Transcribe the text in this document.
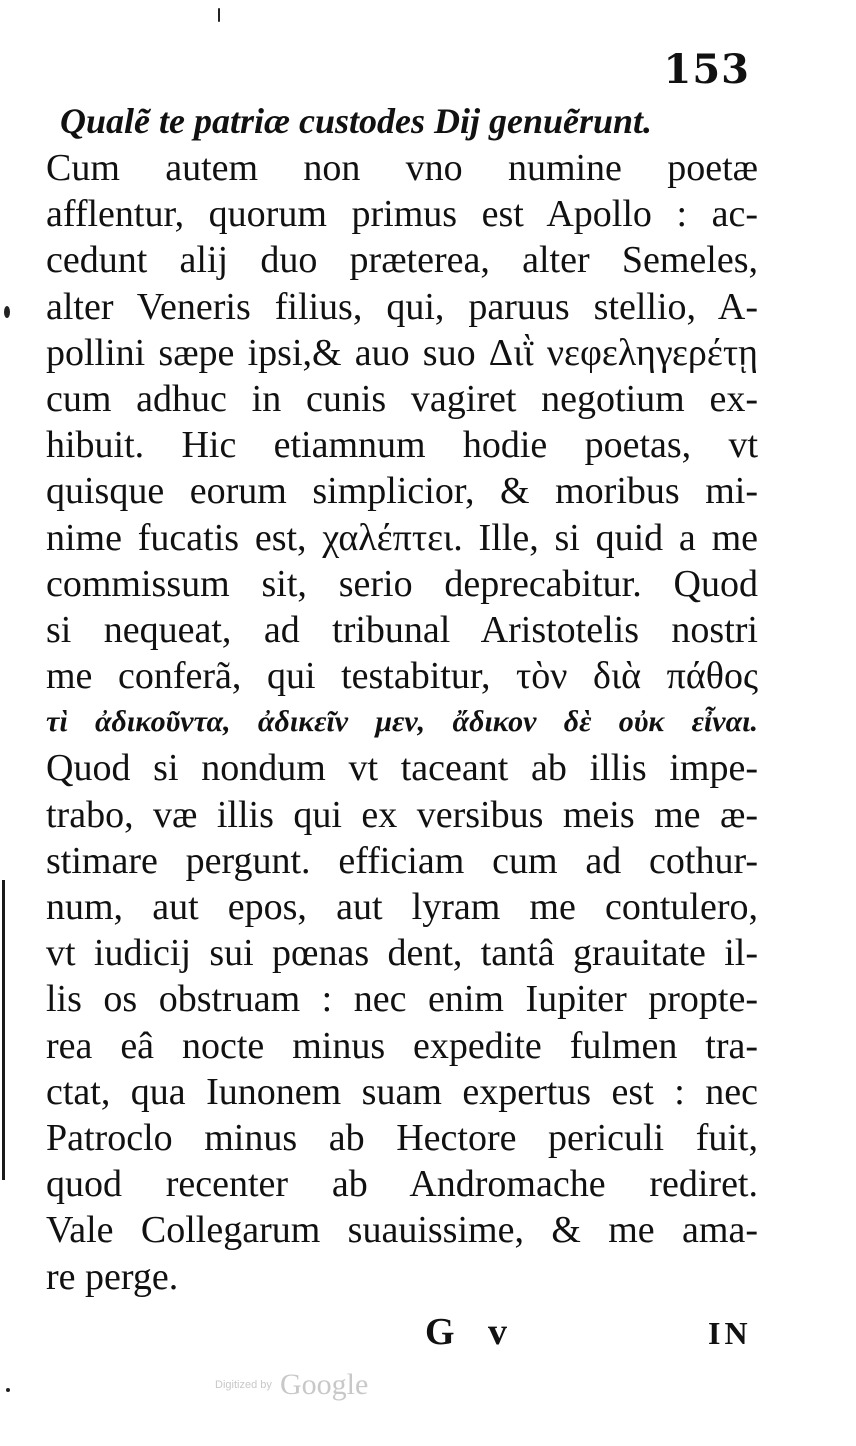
153
Qualẽ te patriæ custodes Dij genuẽrunt.
Cum autem non vno numine poetæ
afflentur, quorum primus est Apollo : ac-
cedunt alij duo præterea, alter Semeles,
alter Veneris filius, qui, paruus stellio, A-
pollini sæpe ipsi,& auo suo Διῒ νεφεληγερέτῃ
cum adhuc in cunis vagiret negotium ex-
hibuit. Hic etiamnum hodie poetas, vt
quisque eorum simplicior, & moribus mi-
nime fucatis est, χαλέπτει. Ille, si quid a me
commissum sit, serio deprecabitur. Quod
si nequeat, ad tribunal Aristotelis nostri
me conferã, qui testabitur, τὸν διὰ πάθος
τὶ ἀδικοῦντα, ἀδικεῖν μεν, ἄδικον δὲ οὐκ εἶναι.
Quod si nondum vt taceant ab illis impe-
trabo, væ illis qui ex versibus meis me æ-
stimare pergunt. efficiam cum ad cothur-
num, aut epos, aut lyram me contulero,
vt iudicij sui pœnas dent, tantâ grauitate il-
lis os obstruam : nec enim Iupiter propte-
rea eâ nocte minus expedite fulmen tra-
ctat, qua Iunonem suam expertus est : nec
Patroclo minus ab Hectore periculi fuit,
quod recenter ab Andromache rediret.
Vale Collegarum suauissime, & me ama-
re perge.
G v	IN
Digitized by Google
